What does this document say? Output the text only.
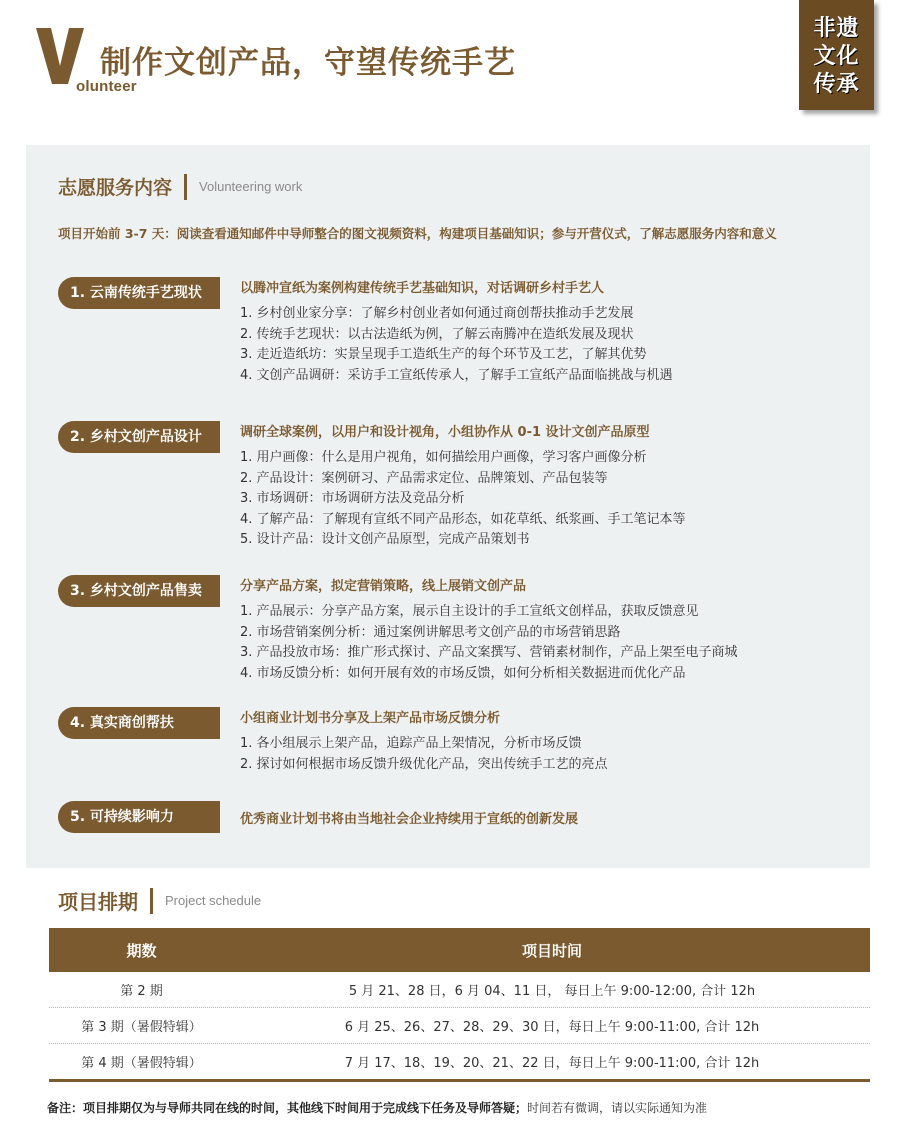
olunteer
制作文创产品，守望传统手艺
非遗
文化
传承
志愿服务内容 Volunteering work
项目开始前 3-7 天：阅读查看通知邮件中导师整合的图文视频资料，构建项目基础知识；参与开营仪式，了解志愿服务内容和意义
1. 云南传统手艺现状	以腾冲宣纸为案例构建传统手艺基础知识，对话调研乡村手艺人
1. 乡村创业家分享：了解乡村创业者如何通过商创帮扶推动手艺发展
2. 传统手艺现状：以古法造纸为例，了解云南腾冲在造纸发展及现状
3. 走近造纸坊：实景呈现手工造纸生产的每个环节及工艺，了解其优势
4. 文创产品调研：采访手工宣纸传承人，了解手工宣纸产品面临挑战与机遇
2. 乡村文创产品设计	调研全球案例，以用户和设计视角，小组协作从 0-1 设计文创产品原型
1. 用户画像：什么是用户视角，如何描绘用户画像，学习客户画像分析
2. 产品设计：案例研习、产品需求定位、品牌策划、产品包装等
3. 市场调研：市场调研方法及竞品分析
4. 了解产品：了解现有宣纸不同产品形态，如花草纸、纸浆画、手工笔记本等
5. 设计产品：设计文创产品原型，完成产品策划书
3. 乡村文创产品售卖	分享产品方案，拟定营销策略，线上展销文创产品
1. 产品展示：分享产品方案，展示自主设计的手工宣纸文创样品，获取反馈意见
2. 市场营销案例分析：通过案例讲解思考文创产品的市场营销思路
3. 产品投放市场：推广形式探讨、产品文案撰写、营销素材制作，产品上架至电子商城
4. 市场反馈分析：如何开展有效的市场反馈，如何分析相关数据进而优化产品
4. 真实商创帮扶	小组商业计划书分享及上架产品市场反馈分析
1. 各小组展示上架产品，追踪产品上架情况，分析市场反馈
2. 探讨如何根据市场反馈升级优化产品，突出传统手工艺的亮点
5. 可持续影响力	优秀商业计划书将由当地社会企业持续用于宣纸的创新发展
项目排期 Project schedule
期数	项目时间
第 2 期	5 月 21、28 日，6 月 04、11 日， 每日上午 9:00-12:00, 合计 12h
第 3 期（暑假特辑）	6 月 25、26、27、28、29、30 日，每日上午 9:00-11:00, 合计 12h
第 4 期（暑假特辑）	7 月 17、18、19、20、21、22 日，每日上午 9:00-11:00, 合计 12h
备注：项目排期仅为与导师共同在线的时间，其他线下时间用于完成线下任务及导师答疑；时间若有微调，请以实际通知为准
